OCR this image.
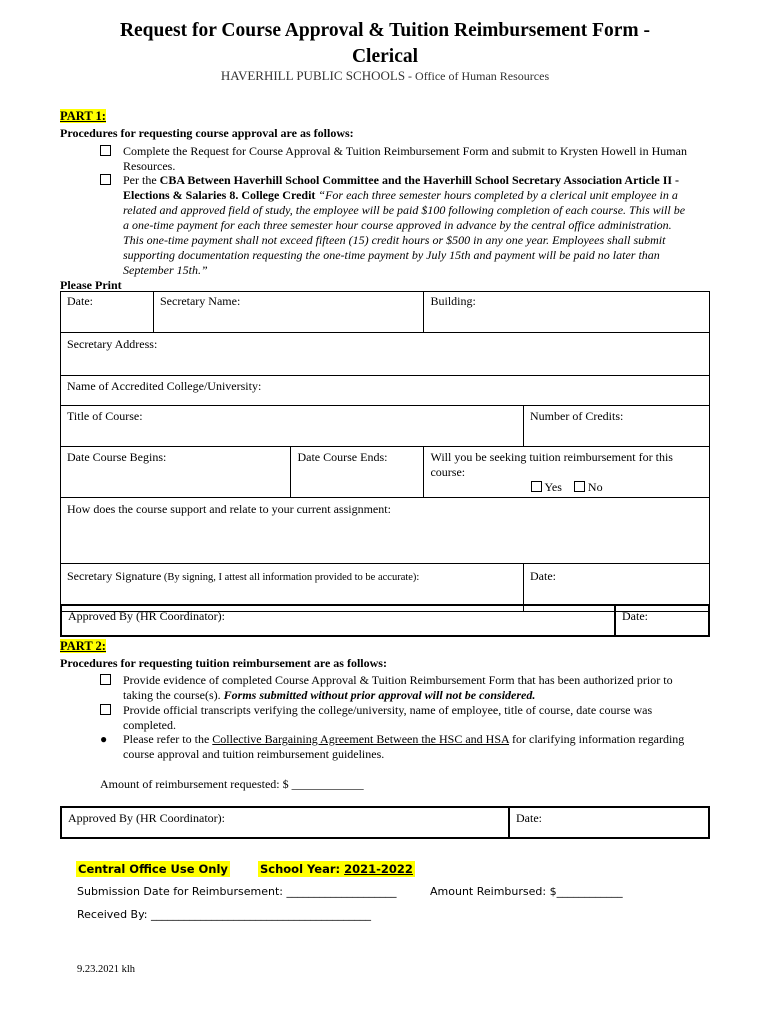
Request for Course Approval & Tuition Reimbursement Form -
Clerical
HAVERHILL PUBLIC SCHOOLS - Office of Human Resources
PART 1:
Procedures for requesting course approval are as follows:
Complete the Request for Course Approval & Tuition Reimbursement Form and submit to Krysten Howell in Human Resources.
Per the CBA Between Haverhill School Committee and the Haverhill School Secretary Association Article II - Elections & Salaries 8. College Credit “For each three semester hours completed by a clerical unit employee in a related and approved field of study, the employee will be paid $100 following completion of each course. This will be a one-time payment for each three semester hour course approved in advance by the central office administration. This one-time payment shall not exceed fifteen (15) credit hours or $500 in any one year. Employees shall submit supporting documentation requesting the one-time payment by July 15th and payment will be paid no later than September 15th.”
Please Print
Date:	Secretary Name:		Building:	
Secretary Address:				
Name of Accredited College/University:				
Title of Course:				Number of Credits:
Date Course Begins:		Date Course Ends:	Will you be seeking tuition reimbursement for this course:
Yes No	

How does the course support and relate to your current assignment:				
Secretary Signature (By signing, I attest all information provided to be accurate):				Date:
Approved By (HR Coordinator):	Date:
PART 2:
Procedures for requesting tuition reimbursement are as follows:
Provide evidence of completed Course Approval & Tuition Reimbursement Form that has been authorized prior to taking the course(s). Forms submitted without prior approval will not be considered.
Provide official transcripts verifying the college/university, name of employee, title of course, date course was completed.
●	Please refer to the Collective Bargaining Agreement Between the HSC and HSA for clarifying information regarding course approval and tuition reimbursement guidelines.
Amount of reimbursement requested: $ ____________
Approved By (HR Coordinator):	Date:
Central Office Use Only	School Year: 2021-2022
Submission Date for Reimbursement: ____________________	Amount Reimbursed: $____________
Received By: ________________________________________
9.23.2021 klh
